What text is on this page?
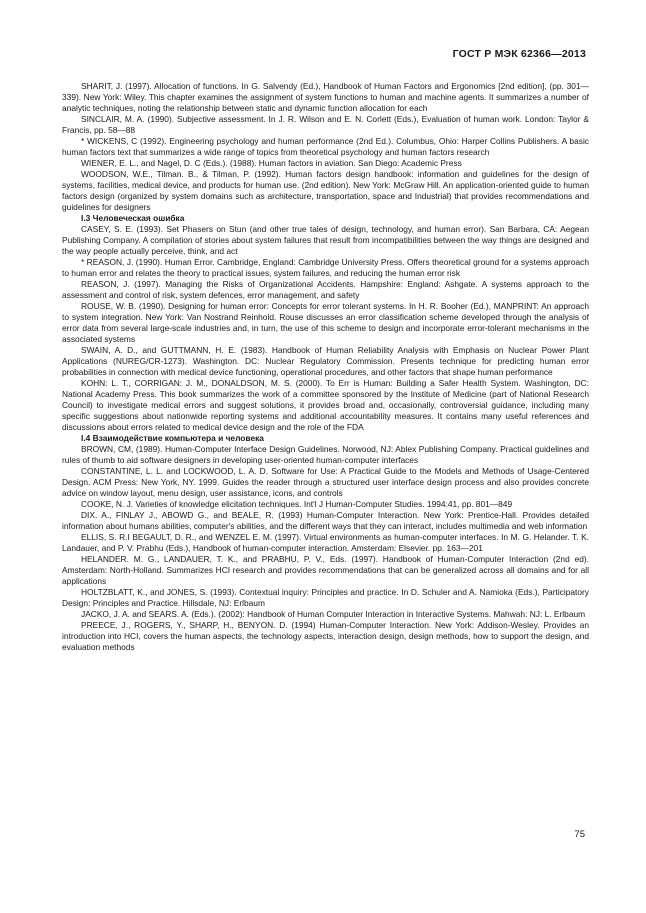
ГОСТ Р МЭК 62366—2013

SHARIT, J. (1997). Allocation of functions. In G. Salvendy (Ed.), Handbook of Human Factors and Ergonomics [2nd edition], (pp. 301—339). New York: Wiley. This chapter examines the assignment of system functions to human and machine agents. It summarizes a number of analytic techniques, noting the relationship between static and dynamic function allocation for each

SINCLAIR, M. A. (1990). Subjective assessment. In J. R. Wilson and E. N. Corlett (Eds.), Evaluation of human work. London: Taylor & Francis, pp. 58—88

* WICKENS, C (1992). Engineering psychology and human performance (2nd Ed.). Columbus, Ohio: Harper Collins Publishers. A basic human factors text that summarizes a wide range of topics from theoretical psychology and human factors research

WIENER, E. L., and Nagel, D. C (Eds.). (1988). Human factors in aviation. San Diego: Academic Press

WOODSON, W.E., Tilman. B., & Tilman, P. (1992). Human factors design handbook: information and guidelines for the design of systems, facilities, medical device, and products for human use. (2nd edition). New York: McGraw Hill. An application-oriented guide to human factors design (organized by system domains such as architecture, transportation, space and Industrial) that provides recommendations and guidelines for designers

I.3 Человеческая ошибка

CASEY, S. E. (1993). Set Phasers on Stun (and other true tales of design, technology, and human error). San Barbara, CA: Aegean Publishing Company. A compilation of stories about system failures that result from incompatibilities between the way things are designed and the way people actually perceive, think, and act

* REASON, J. (1990). Human Error. Cambridge, England: Cambridge University Press. Offers theoretical ground for a systems approach to human error and relates the theory to practical issues, system failures, and reducing the human error risk

REASON, J. (1997). Managing the Risks of Organizational Accidents. Hampshire: England: Ashgate. A systems approach to the assessment and control of risk, system defences, error management, and safety

ROUSE, W. B. (1990). Designing for human error: Concepts for error tolerant systems. In H. R. Booher (Ed.), MANPRINT: An approach to system integration. New York: Van Nostrand Reinhold. Rouse discusses an error classification scheme developed through the analysis of error data from several large-scale industries and, in turn, the use of this scheme to design and incorporate error-tolerant mechanisms in the associated systems

SWAIN, A. D., and GUTTMANN, H. E. (1983). Handbook of Human Reliability Analysis with Emphasis on Nuclear Power Plant Applications (NUREG/CR-1273). Washington. DC: Nuclear Regulatory Commission. Presents technique for predicting human error probabilities in connection with medical device functioning, operational procedures, and other factors that shape human performance

KOHN: L. T., CORRIGAN: J. M., DONALDSON, M. S. (2000). To Err is Human: Building a Safer Health System. Washington, DC: National Academy Press. This book summarizes the work of a committee sponsored by the Institute of Medicine (part of National Research Council) to investigate medical errors and suggest solutions, it provides broad and, occasionally, controversial guidance, including many specific suggestions about nationwide reporting systems and additional accountability measures. It contains many useful references and discussions about errors related to medical device design and the role of the FDA

I.4 Взаимодействие компьютера и человека

BROWN, CM, (1989). Human-Computer Interface Design Guidelines. Norwood, NJ: Ablex Publishing Company. Practical guidelines and rules of thumb to aid software designers in developing user-oriented human-computer interfaces

CONSTANTINE, L. L. and LOCKWOOD, L. A. D. Software for Use: A Practical Guide to the Models and Methods of Usage-Centered Design. ACM Press: New York, NY. 1999. Guides the reader through a structured user interface design process and also provides concrete advice on window layout, menu design, user assistance, icons, and controls

COOKE, N. J. Varieties of knowledge elicitation techniques. Int'l J Human-Computer Studies. 1994:41, pp. 801—849

DIX. A., FINLAY J., ABOWD G., and BEALE, R. (1993) Human-Computer Interaction. New York: Prentice-Hall. Provides detailed information about humans abilities, computer's abilities, and the different ways that they can interact, includes multimedia and web information

ELLIS, S. R.I BEGAULT, D. R., and WENZEL E. M. (1997). Virtual environments as human-computer interfaces. In M. G. Helander. T. K. Landauer, and P. V. Prabhu (Eds.), Handbook of human-computer interaction. Amsterdam: Elsevier. pp. 163—201

HELANDER. M. G., LANDAUER, T. K., and PRABHU, P. V., Eds. (1997). Handbook of Human-Computer Interaction (2nd ed). Amsterdam: North-Holland. Summarizes HCI research and provides recommendations that can be generalized across all domains and for all applications

HOLTZBLATT, K., and JONES, S. (1993). Contextual inquiry: Principles and practice. In D. Schuler and A. Namioka (Eds.), Participatory Design: Principles and Practice. Hillsdale, NJ: Erlbaum

JACKO, J. A. and SEARS. A. (Eds.). (2002): Handbook of Human Computer Interaction in Interactive Systems. Mahwah: NJ: L. Erlbaum

PREECE, J., ROGERS, Y., SHARP, H., BENYON. D. (1994) Human-Computer Interaction. New York: Addison-Wesley. Provides an introduction into HCI, covers the human aspects, the technology aspects, interaction design, design methods, how to support the design, and evaluation methods

75
